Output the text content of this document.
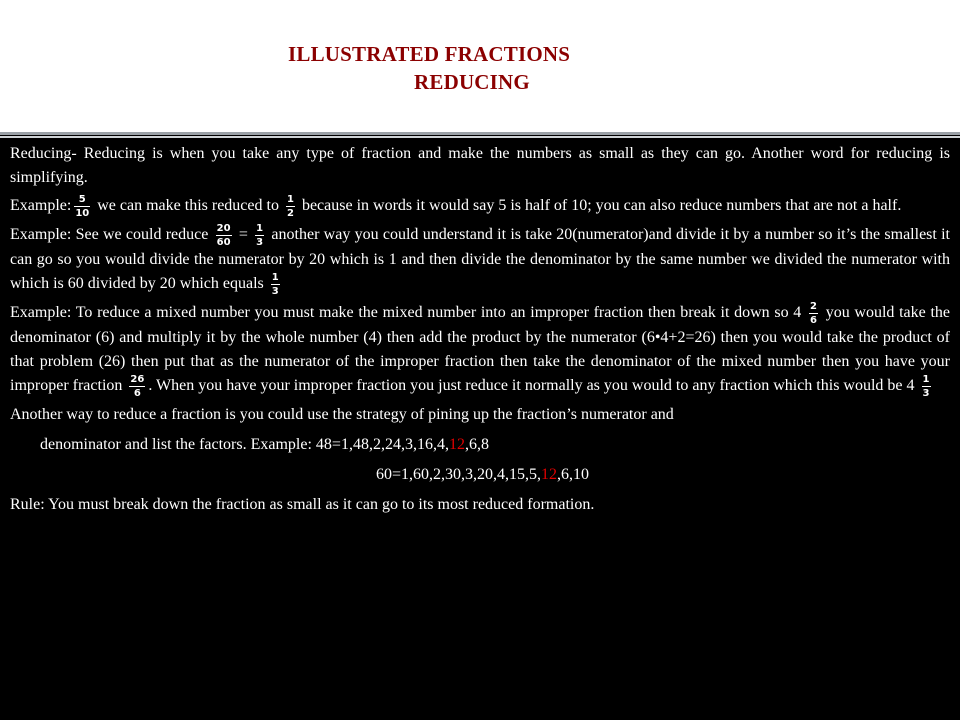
ILLUSTRATED FRACTIONS
REDUCING

Reducing- Reducing is when you take any type of fraction and make the numbers as small as they can go. Another word for reducing is simplifying.

Example: $\frac{5}{10}$ we can make this reduced to $\frac{1}{2}$ because in words it would say 5 is half of 10; you can also reduce numbers that are not a half.

Example: See we could reduce $\frac{20}{60} = \frac{1}{3}$ another way you could understand it is take 20(numerator)and divide it by a number so it’s the smallest it can go so you would divide the numerator by 20 which is 1 and then divide the denominator by the same number we divided the numerator with which is 60 divided by 20 which equals $\frac{1}{3}$

Example: To reduce a mixed number you must make the mixed number into an improper fraction then break it down so $4 \frac{2}{6}$ you would take the denominator (6) and multiply it by the whole number (4) then add the product by the numerator (6•4+2=26) then you would take the product of that problem (26) then put that as the numerator of the improper fraction then take the denominator of the mixed number then you have your improper fraction $\frac{26}{6}$ . When you have your improper fraction you just reduce it normally as you would to any fraction which this would be $4 \frac{1}{3}$

Another way to reduce a fraction is you could use the strategy of pining up the fraction’s numerator and

denominator and list the factors. Example: 48=1,48,2,24,3,16,4,12,6,8

60=1,60,2,30,3,20,4,15,5,12,6,10

Rule: You must break down the fraction as small as it can go to its most reduced formation.
